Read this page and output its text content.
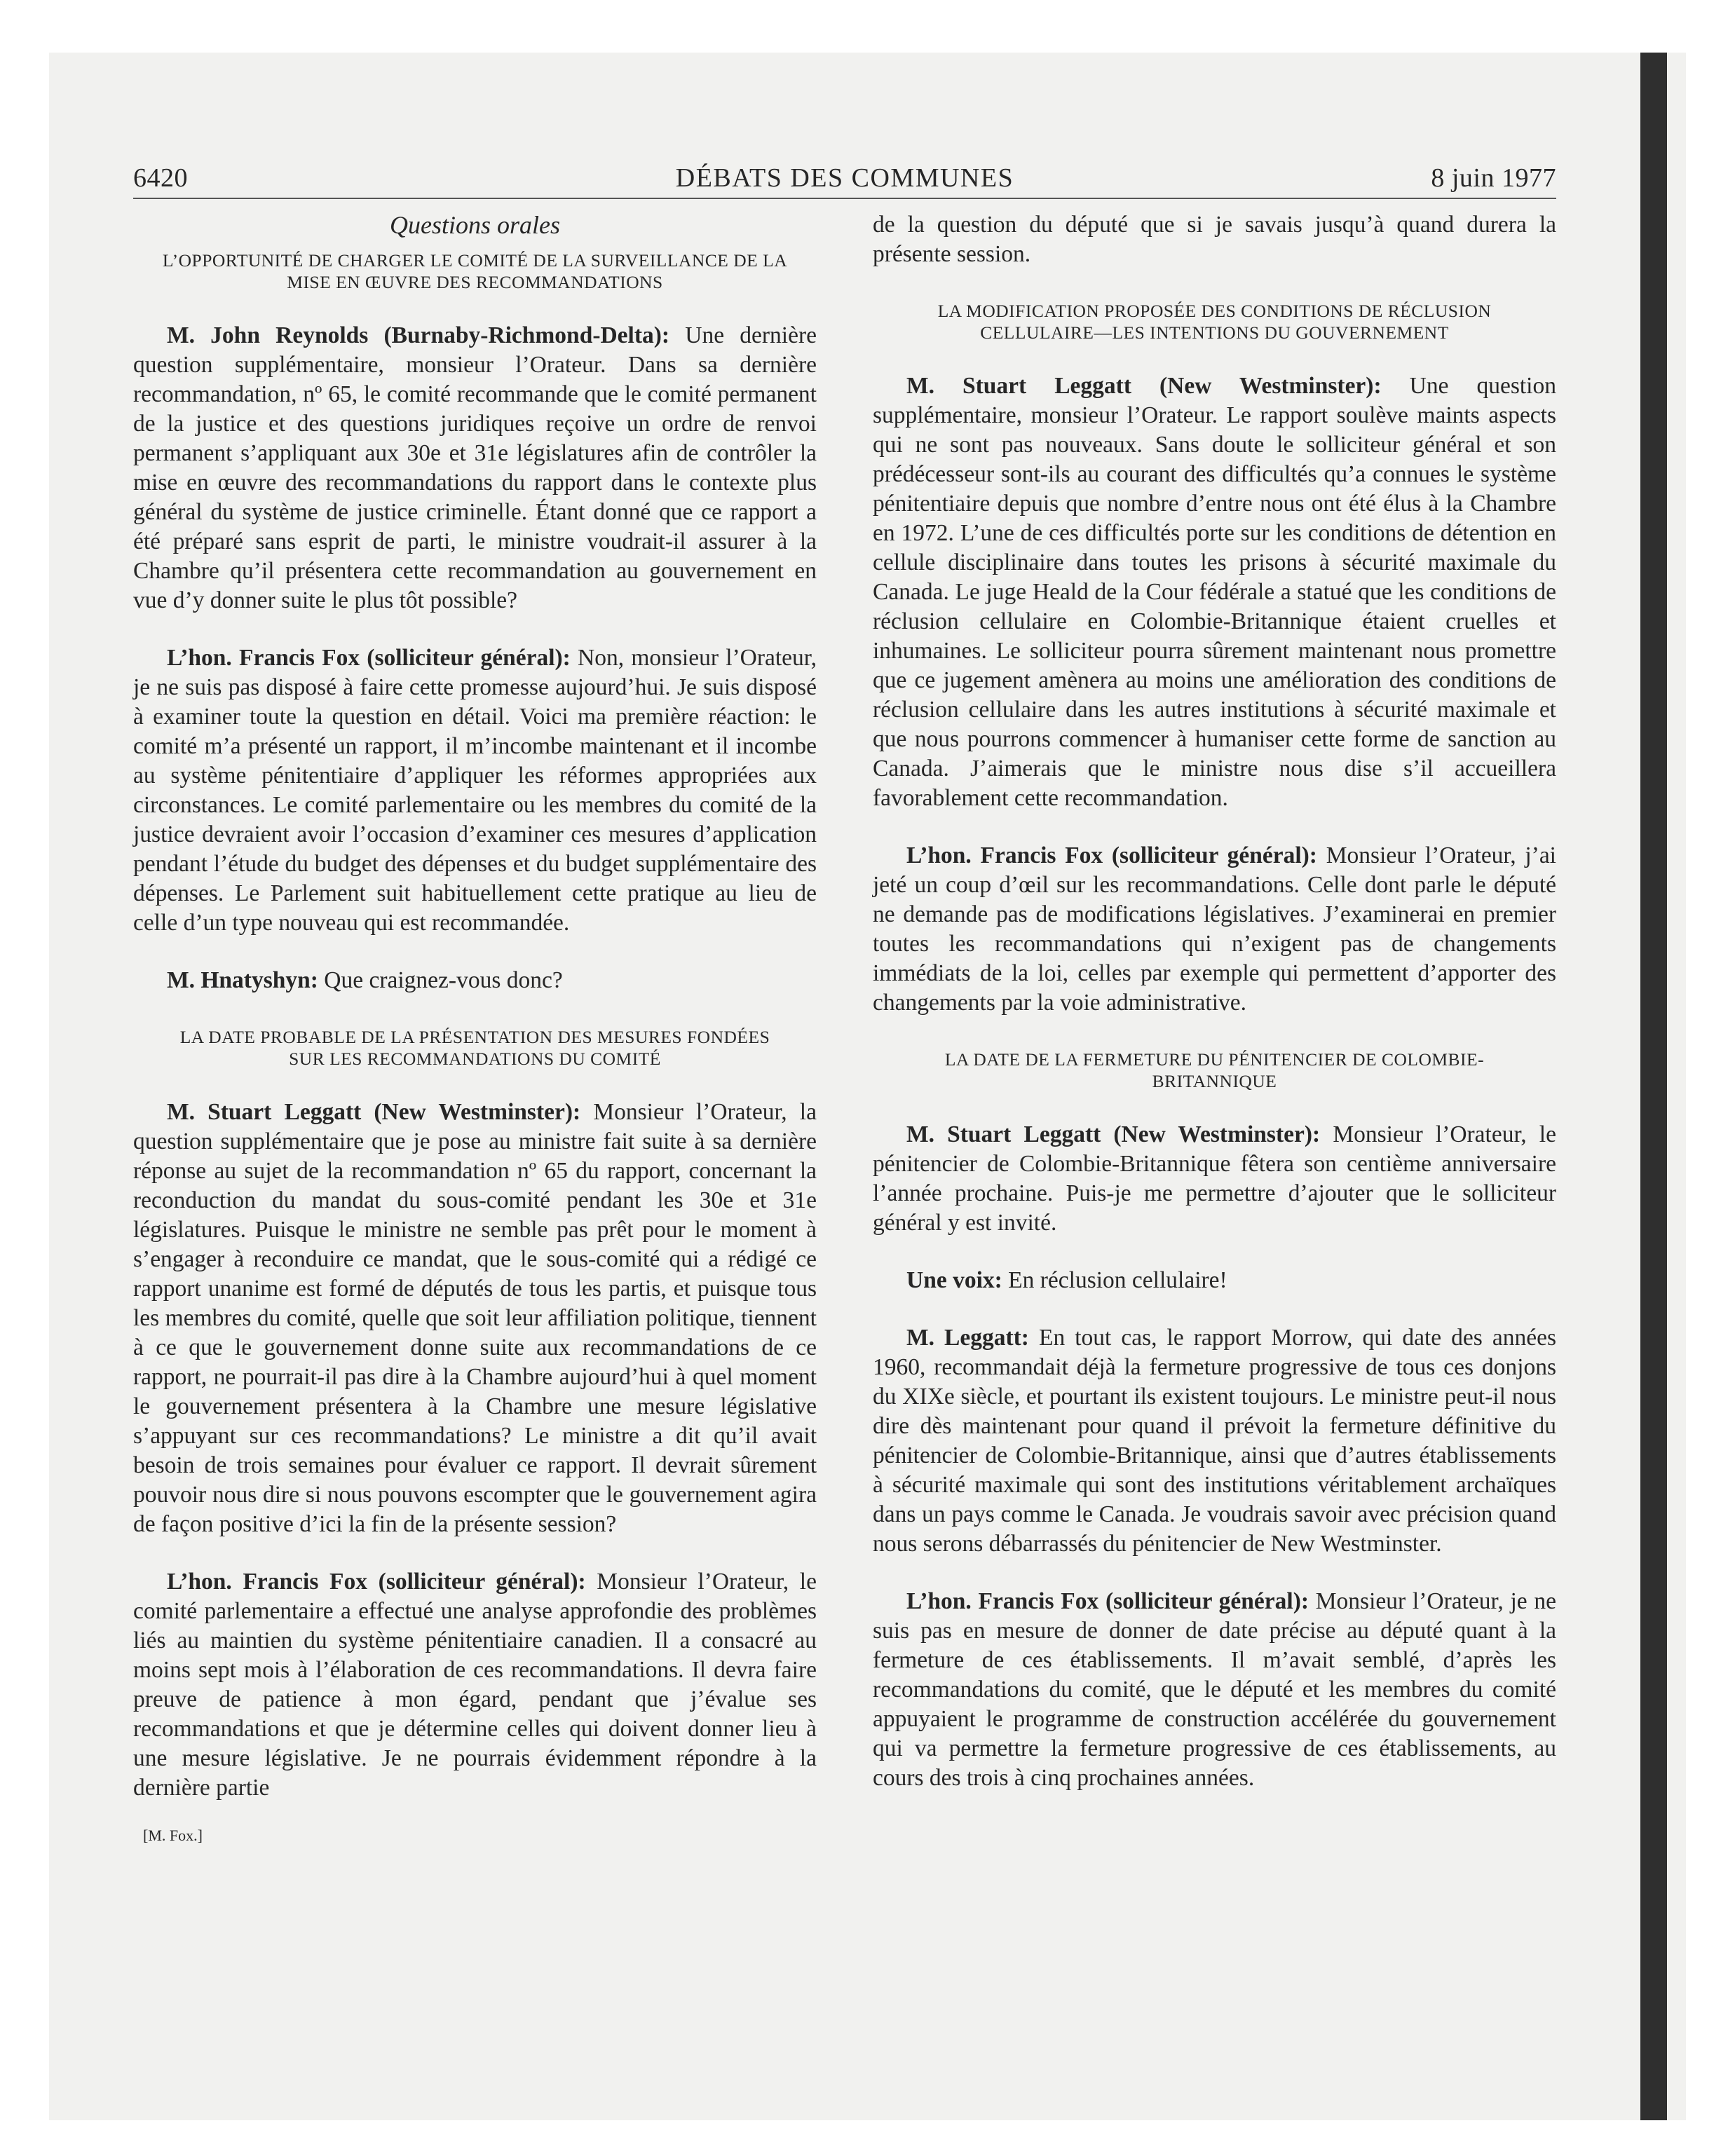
6420	DÉBATS DES COMMUNES	8 juin 1977
Questions orales
L’OPPORTUNITÉ DE CHARGER LE COMITÉ DE LA SURVEILLANCE DE LA MISE EN ŒUVRE DES RECOMMANDATIONS

M. John Reynolds (Burnaby-Richmond-Delta): Une dernière question supplémentaire, monsieur l’Orateur. Dans sa dernière recommandation, nº 65, le comité recommande que le comité permanent de la justice et des questions juridiques reçoive un ordre de renvoi permanent s’appliquant aux 30e et 31e législatures afin de contrôler la mise en œuvre des recommandations du rapport dans le contexte plus général du système de justice criminelle. Étant donné que ce rapport a été préparé sans esprit de parti, le ministre voudrait-il assurer à la Chambre qu’il présentera cette recommandation au gouvernement en vue d’y donner suite le plus tôt possible?

L’hon. Francis Fox (solliciteur général): Non, monsieur l’Orateur, je ne suis pas disposé à faire cette promesse aujourd’hui. Je suis disposé à examiner toute la question en détail. Voici ma première réaction: le comité m’a présenté un rapport, il m’incombe maintenant et il incombe au système pénitentiaire d’appliquer les réformes appropriées aux circonstances. Le comité parlementaire ou les membres du comité de la justice devraient avoir l’occasion d’examiner ces mesures d’application pendant l’étude du budget des dépenses et du budget supplémentaire des dépenses. Le Parlement suit habituellement cette pratique au lieu de celle d’un type nouveau qui est recommandée.

M. Hnatyshyn: Que craignez-vous donc?

LA DATE PROBABLE DE LA PRÉSENTATION DES MESURES FONDÉES SUR LES RECOMMANDATIONS DU COMITÉ

M. Stuart Leggatt (New Westminster): Monsieur l’Orateur, la question supplémentaire que je pose au ministre fait suite à sa dernière réponse au sujet de la recommandation nº 65 du rapport, concernant la reconduction du mandat du sous-comité pendant les 30e et 31e législatures. Puisque le ministre ne semble pas prêt pour le moment à s’engager à reconduire ce mandat, que le sous-comité qui a rédigé ce rapport unanime est formé de députés de tous les partis, et puisque tous les membres du comité, quelle que soit leur affiliation politique, tiennent à ce que le gouvernement donne suite aux recommandations de ce rapport, ne pourrait-il pas dire à la Chambre aujourd’hui à quel moment le gouvernement présentera à la Chambre une mesure législative s’appuyant sur ces recommandations? Le ministre a dit qu’il avait besoin de trois semaines pour évaluer ce rapport. Il devrait sûrement pouvoir nous dire si nous pouvons escompter que le gouvernement agira de façon positive d’ici la fin de la présente session?

L’hon. Francis Fox (solliciteur général): Monsieur l’Orateur, le comité parlementaire a effectué une analyse approfondie des problèmes liés au maintien du système pénitentiaire canadien. Il a consacré au moins sept mois à l’élaboration de ces recommandations. Il devra faire preuve de patience à mon égard, pendant que j’évalue ses recommandations et que je détermine celles qui doivent donner lieu à une mesure législative. Je ne pourrais évidemment répondre à la dernière partie

[M. Fox.]

de la question du député que si je savais jusqu’à quand durera la présente session.

LA MODIFICATION PROPOSÉE DES CONDITIONS DE RÉCLUSION CELLULAIRE—LES INTENTIONS DU GOUVERNEMENT

M. Stuart Leggatt (New Westminster): Une question supplémentaire, monsieur l’Orateur. Le rapport soulève maints aspects qui ne sont pas nouveaux. Sans doute le solliciteur général et son prédécesseur sont-ils au courant des difficultés qu’a connues le système pénitentiaire depuis que nombre d’entre nous ont été élus à la Chambre en 1972. L’une de ces difficultés porte sur les conditions de détention en cellule disciplinaire dans toutes les prisons à sécurité maximale du Canada. Le juge Heald de la Cour fédérale a statué que les conditions de réclusion cellulaire en Colombie-Britannique étaient cruelles et inhumaines. Le solliciteur pourra sûrement maintenant nous promettre que ce jugement amènera au moins une amélioration des conditions de réclusion cellulaire dans les autres institutions à sécurité maximale et que nous pourrons commencer à humaniser cette forme de sanction au Canada. J’aimerais que le ministre nous dise s’il accueillera favorablement cette recommandation.

L’hon. Francis Fox (solliciteur général): Monsieur l’Orateur, j’ai jeté un coup d’œil sur les recommandations. Celle dont parle le député ne demande pas de modifications législatives. J’examinerai en premier toutes les recommandations qui n’exigent pas de changements immédiats de la loi, celles par exemple qui permettent d’apporter des changements par la voie administrative.

LA DATE DE LA FERMETURE DU PÉNITENCIER DE COLOMBIE-BRITANNIQUE

M. Stuart Leggatt (New Westminster): Monsieur l’Orateur, le pénitencier de Colombie-Britannique fêtera son centième anniversaire l’année prochaine. Puis-je me permettre d’ajouter que le solliciteur général y est invité.

Une voix: En réclusion cellulaire!

M. Leggatt: En tout cas, le rapport Morrow, qui date des années 1960, recommandait déjà la fermeture progressive de tous ces donjons du XIXe siècle, et pourtant ils existent toujours. Le ministre peut-il nous dire dès maintenant pour quand il prévoit la fermeture définitive du pénitencier de Colombie-Britannique, ainsi que d’autres établissements à sécurité maximale qui sont des institutions véritablement archaïques dans un pays comme le Canada. Je voudrais savoir avec précision quand nous serons débarrassés du pénitencier de New Westminster.

L’hon. Francis Fox (solliciteur général): Monsieur l’Orateur, je ne suis pas en mesure de donner de date précise au député quant à la fermeture de ces établissements. Il m’avait semblé, d’après les recommandations du comité, que le député et les membres du comité appuyaient le programme de construction accélérée du gouvernement qui va permettre la fermeture progressive de ces établissements, au cours des trois à cinq prochaines années.
